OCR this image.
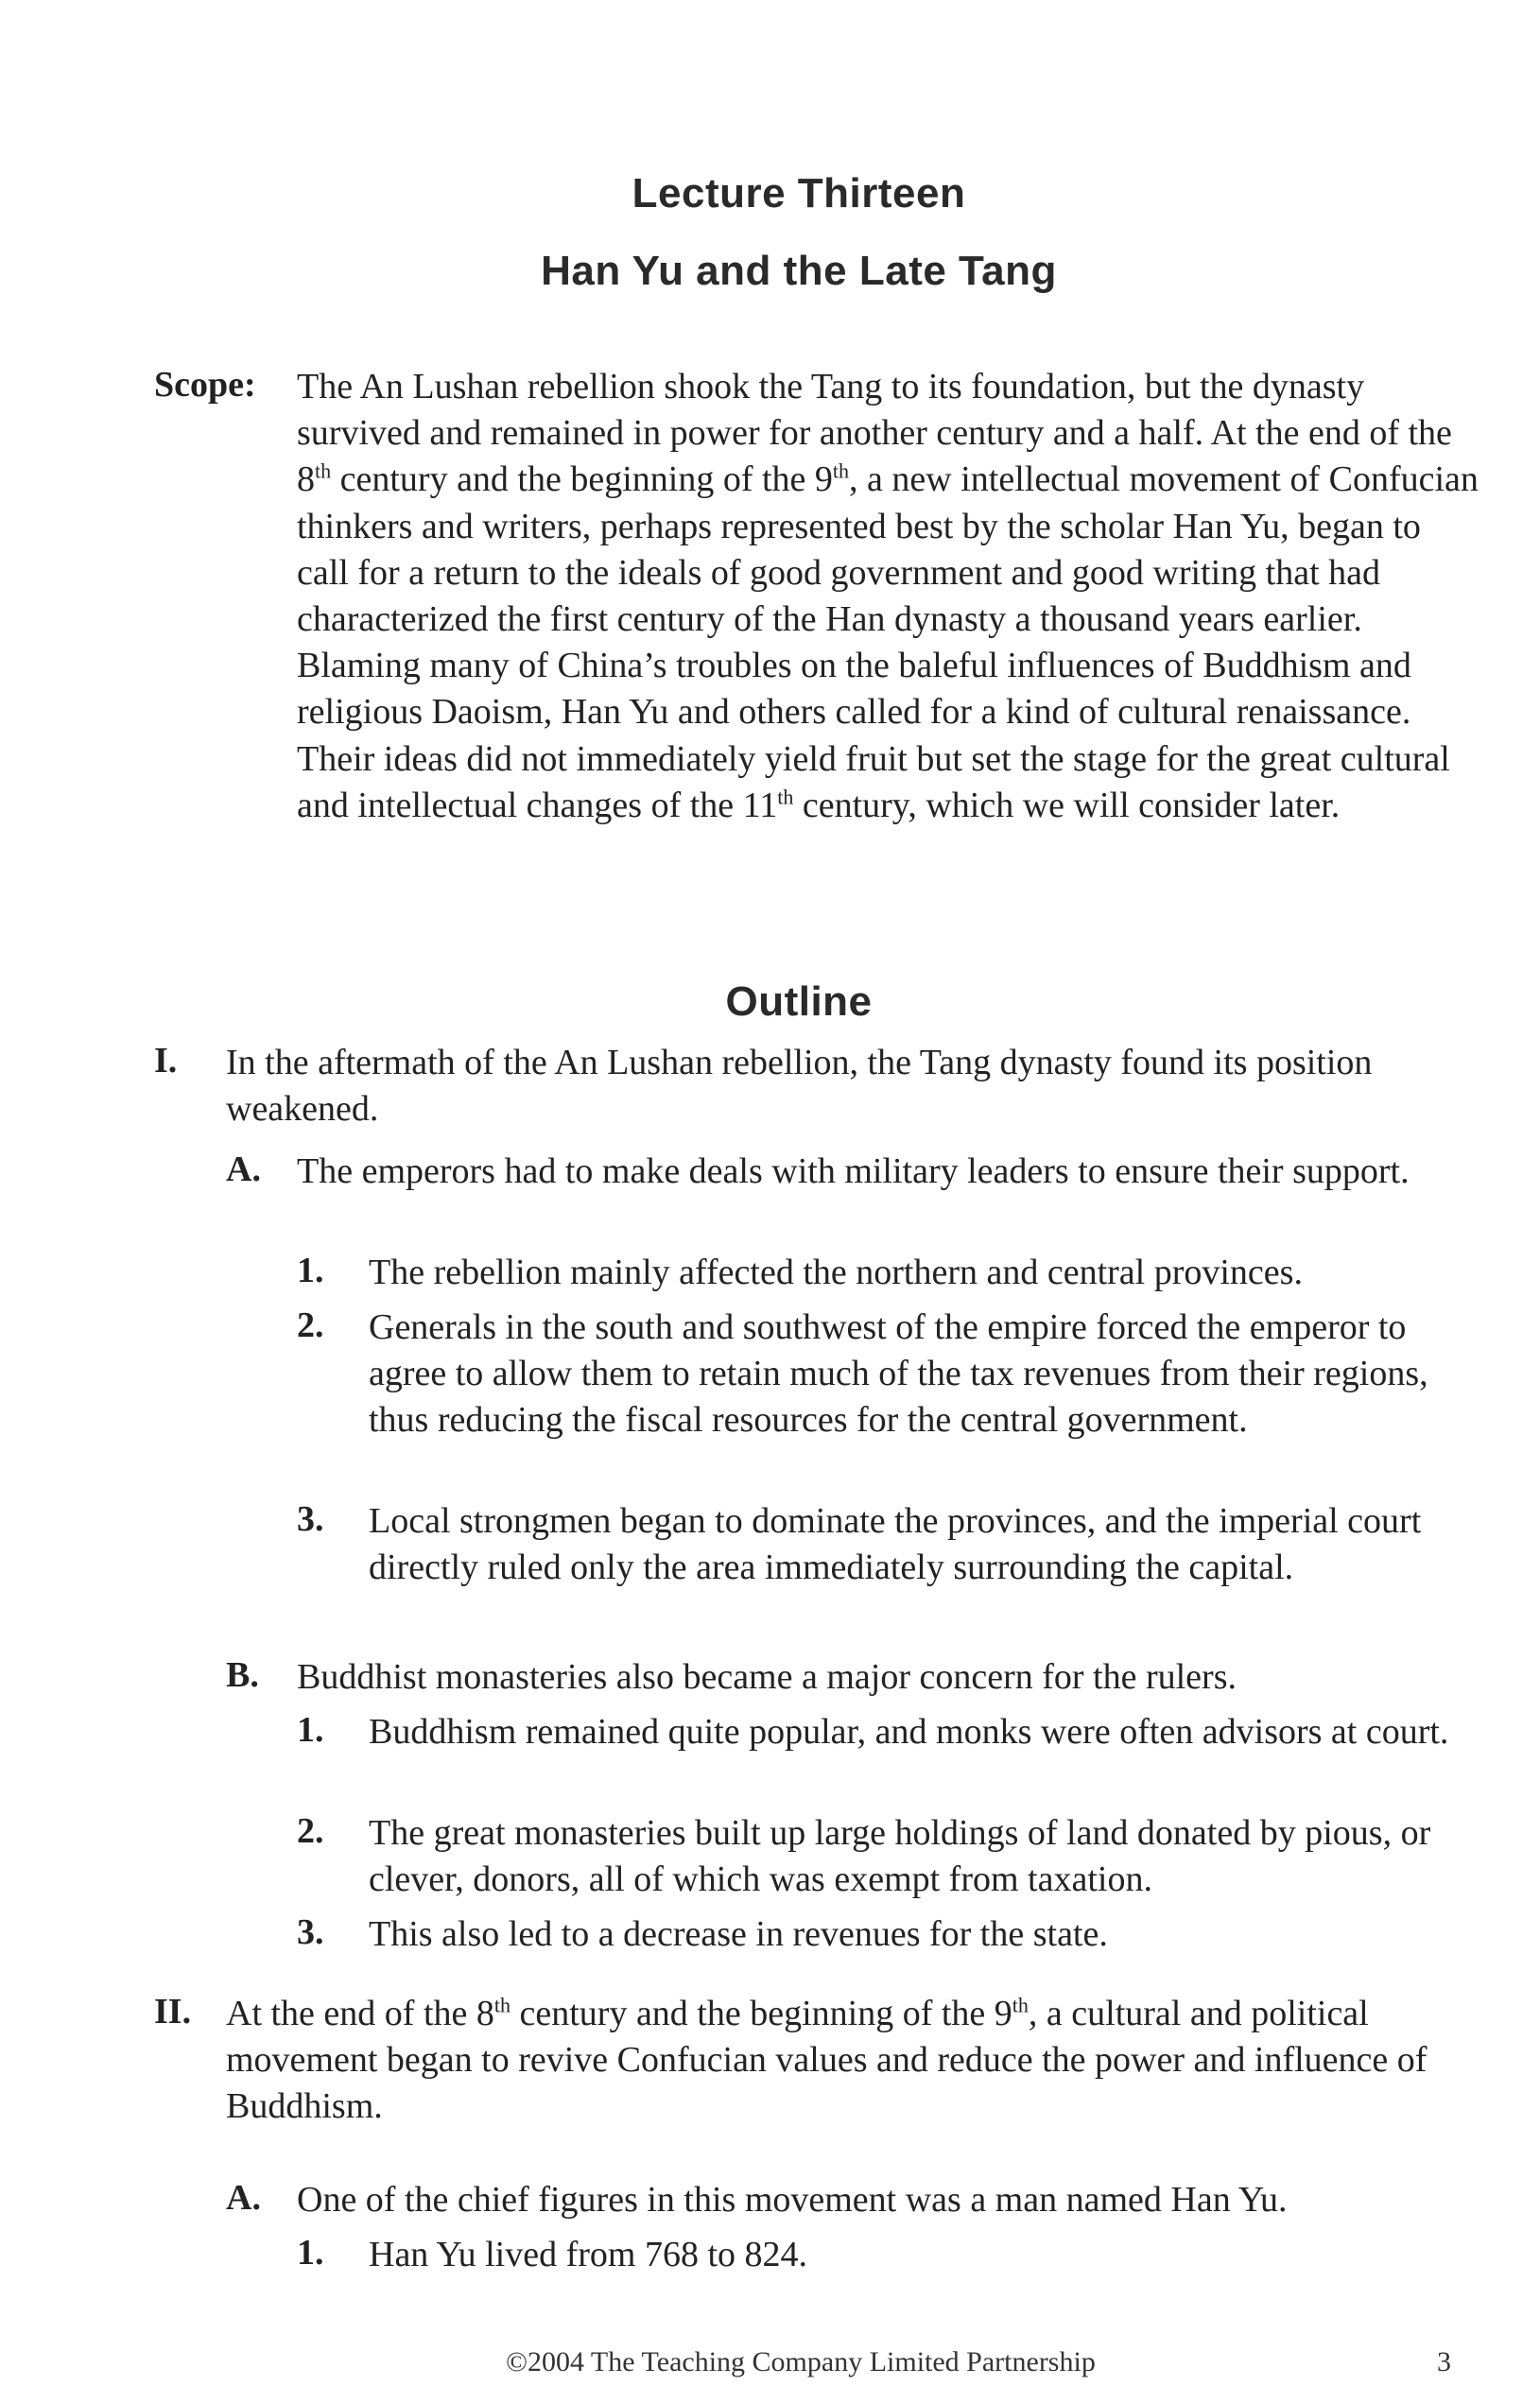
Lecture Thirteen
Han Yu and the Late Tang
Scope: The An Lushan rebellion shook the Tang to its foundation, but the dynasty survived and remained in power for another century and a half. At the end of the 8th century and the beginning of the 9th, a new intellectual movement of Confucian thinkers and writers, perhaps represented best by the scholar Han Yu, began to call for a return to the ideals of good government and good writing that had characterized the first century of the Han dynasty a thousand years earlier. Blaming many of China’s troubles on the baleful influences of Buddhism and religious Daoism, Han Yu and others called for a kind of cultural renaissance. Their ideas did not immediately yield fruit but set the stage for the great cultural and intellectual changes of the 11th century, which we will consider later.
Outline
I. In the aftermath of the An Lushan rebellion, the Tang dynasty found its position weakened.
A. The emperors had to make deals with military leaders to ensure their support.
1. The rebellion mainly affected the northern and central provinces.
2. Generals in the south and southwest of the empire forced the emperor to agree to allow them to retain much of the tax revenues from their regions, thus reducing the fiscal resources for the central government.
3. Local strongmen began to dominate the provinces, and the imperial court directly ruled only the area immediately surrounding the capital.
B. Buddhist monasteries also became a major concern for the rulers.
1. Buddhism remained quite popular, and monks were often advisors at court.
2. The great monasteries built up large holdings of land donated by pious, or clever, donors, all of which was exempt from taxation.
3. This also led to a decrease in revenues for the state.
II. At the end of the 8th century and the beginning of the 9th, a cultural and political movement began to revive Confucian values and reduce the power and influence of Buddhism.
A. One of the chief figures in this movement was a man named Han Yu.
1. Han Yu lived from 768 to 824.
©2004 The Teaching Company Limited Partnership	3
